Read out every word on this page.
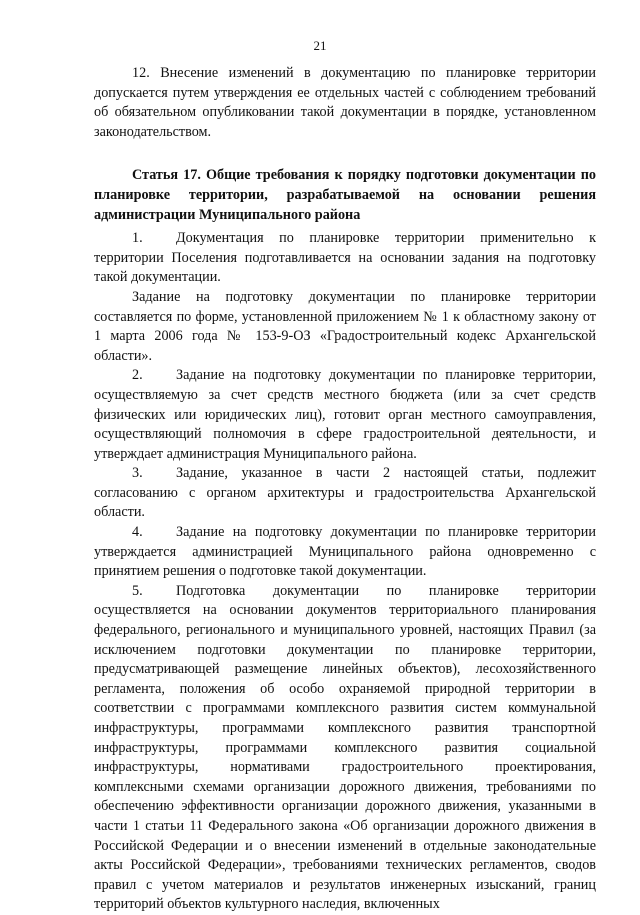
21

12. Внесение изменений в документацию по планировке территории допускается путем утверждения ее отдельных частей с соблюдением требований об обязательном опубликовании такой документации в порядке, установленном законодательством.

Статья 17. Общие требования к порядку подготовки документации по планировке территории, разрабатываемой на основании решения администрации Муниципального района

1. Документация по планировке территории применительно к территории Поселения подготавливается на основании задания на подготовку такой документации.

Задание на подготовку документации по планировке территории составляется по форме, установленной приложением № 1 к областному закону от 1 марта 2006 года № 153-9-ОЗ «Градостроительный кодекс Архангельской области».

2. Задание на подготовку документации по планировке территории, осуществляемую за счет средств местного бюджета (или за счет средств физических или юридических лиц), готовит орган местного самоуправления, осуществляющий полномочия в сфере градостроительной деятельности, и утверждает администрация Муниципального района.

3. Задание, указанное в части 2 настоящей статьи, подлежит согласованию с органом архитектуры и градостроительства Архангельской области.

4. Задание на подготовку документации по планировке территории утверждается администрацией Муниципального района одновременно с принятием решения о подготовке такой документации.

5. Подготовка документации по планировке территории осуществляется на основании документов территориального планирования федерального, регионального и муниципального уровней, настоящих Правил (за исключением подготовки документации по планировке территории, предусматривающей размещение линейных объектов), лесохозяйственного регламента, положения об особо охраняемой природной территории в соответствии с программами комплексного развития систем коммунальной инфраструктуры, программами комплексного развития транспортной инфраструктуры, программами комплексного развития социальной инфраструктуры, нормативами градостроительного проектирования, комплексными схемами организации дорожного движения, требованиями по обеспечению эффективности организации дорожного движения, указанными в части 1 статьи 11 Федерального закона «Об организации дорожного движения в Российской Федерации и о внесении изменений в отдельные законодательные акты Российской Федерации», требованиями технических регламентов, сводов правил с учетом материалов и результатов инженерных изысканий, границ территорий объектов культурного наследия, включенных
